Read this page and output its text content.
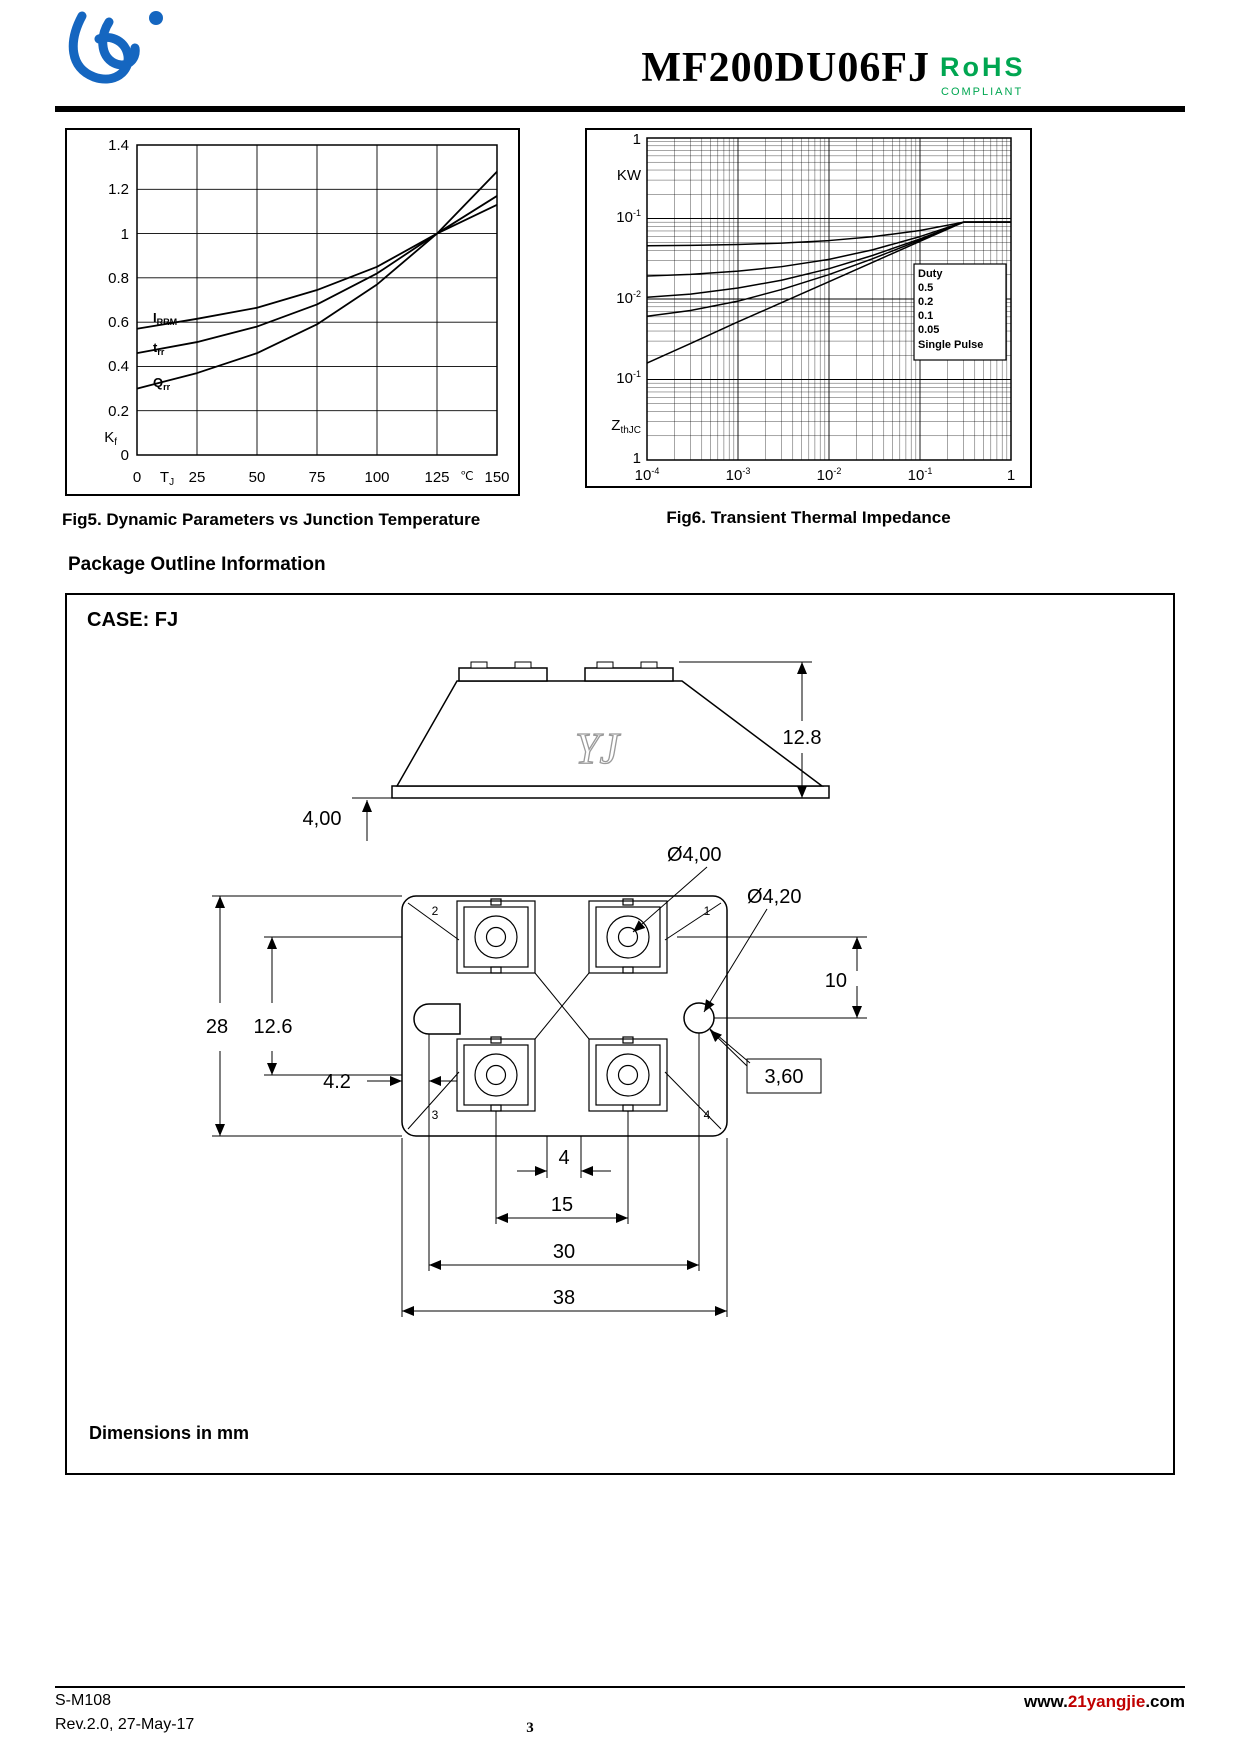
MF200DU06FJ RoHS
COMPLIANT
1.4
1.2
1
0.8
0.6
0.4
0.2
$K_f$
0
0 $T_J$ 25	50	75	100 125 ℃ 150
$I_{RRM}$
$t_{rr}$
$Q_{rr}$
Duty
0.5
0.2
0.1
0.05
Single Pulse
1
KW
$10^{-1}$
$10^{-2}$
$10^{-1}$
$Z_{thJC}$
1
$10^{-4}$	$10^{-3}$	$10^{-2}$	$10^{-1}$	1
Fig5. Dynamic Parameters vs Junction Temperature	Fig6. Transient Thermal Impedance
Package Outline Information
CASE: FJ
YJ	12.8
4,00
2	1
3	4
Ø4,00
Ø4,20
28 12.6
4.2
10
3,60
4
15
30
38
Dimensions in mm
S-M108
Rev.2.0, 27-May-17	3
www.21yangjie.com
